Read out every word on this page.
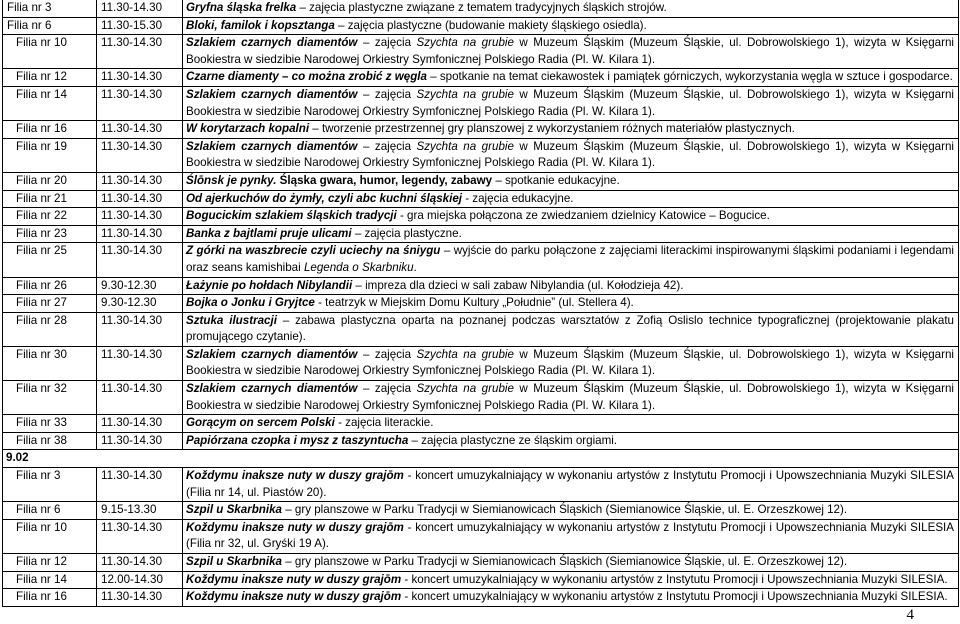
Filia nr 3	11.30-14.30	Gryfna śląska frelka – zajęcia plastyczne związane z tematem tradycyjnych śląskich strojów.
Filia nr 6	11.30-15.30	Bloki, familok i kopsztanga – zajęcia plastyczne (budowanie makiety śląskiego osiedla).
Filia nr 10	11.30-14.30	Szlakiem czarnych diamentów – zajęcia Szychta na grubie w Muzeum Śląskim (Muzeum Śląskie, ul. Dobrowolskiego 1), wizyta w Księgarni Bookiestra w siedzibie Narodowej Orkiestry Symfonicznej Polskiego Radia (Pl. W. Kilara 1).
Filia nr 12	11.30-14.30	Czarne diamenty – co można zrobić z węgla – spotkanie na temat ciekawostek i pamiątek górniczych, wykorzystania węgla w sztuce i gospodarce.
Filia nr 14	11.30-14.30	Szlakiem czarnych diamentów – zajęcia Szychta na grubie w Muzeum Śląskim (Muzeum Śląskie, ul. Dobrowolskiego 1), wizyta w Księgarni Bookiestra w siedzibie Narodowej Orkiestry Symfonicznej Polskiego Radia (Pl. W. Kilara 1).
Filia nr 16	11.30-14.30	W korytarzach kopalni – tworzenie przestrzennej gry planszowej z wykorzystaniem różnych materiałów plastycznych.
Filia nr 19	11.30-14.30	Szlakiem czarnych diamentów – zajęcia Szychta na grubie w Muzeum Śląskim (Muzeum Śląskie, ul. Dobrowolskiego 1), wizyta w Księgarni Bookiestra w siedzibie Narodowej Orkiestry Symfonicznej Polskiego Radia (Pl. W. Kilara 1).
Filia nr 20	11.30-14.30	Ślōnsk je pynky. Śląska gwara, humor, legendy, zabawy – spotkanie edukacyjne.
Filia nr 21	11.30-14.30	Od ajerkuchów do żymły, czyli abc kuchni śląskiej - zajęcia edukacyjne.
Filia nr 22	11.30-14.30	Bogucickim szlakiem śląskich tradycji - gra miejska połączona ze zwiedzaniem dzielnicy Katowice – Bogucice.
Filia nr 23	11.30-14.30	Banka z bajtlami pruje ulicami – zajęcia plastyczne.
Filia nr 25	11.30-14.30	Z górki na waszbrecie czyli uciechy na śniygu – wyjście do parku połączone z zajęciami literackimi inspirowanymi śląskimi podaniami i legendami oraz seans kamishibai Legenda o Skarbniku.
Filia nr 26	9.30-12.30	Łażynie po hołdach Nibylandii – impreza dla dzieci w sali zabaw Nibylandia (ul. Kołodzieja 42).
Filia nr 27	9.30-12.30	Bojka o Jonku i Gryjtce - teatrzyk w Miejskim Domu Kultury „Południe” (ul. Stellera 4).
Filia nr 28	11.30-14.30	Sztuka ilustracji – zabawa plastyczna oparta na poznanej podczas warsztatów z Zofią Oslislo technice typograficznej (projektowanie plakatu promującego czytanie).
Filia nr 30	11.30-14.30	Szlakiem czarnych diamentów – zajęcia Szychta na grubie w Muzeum Śląskim (Muzeum Śląskie, ul. Dobrowolskiego 1), wizyta w Księgarni Bookiestra w siedzibie Narodowej Orkiestry Symfonicznej Polskiego Radia (Pl. W. Kilara 1).
Filia nr 32	11.30-14.30	Szlakiem czarnych diamentów – zajęcia Szychta na grubie w Muzeum Śląskim (Muzeum Śląskie, ul. Dobrowolskiego 1), wizyta w Księgarni Bookiestra w siedzibie Narodowej Orkiestry Symfonicznej Polskiego Radia (Pl. W. Kilara 1).
Filia nr 33	11.30-14.30	Gorącym on sercem Polski - zajęcia literackie.
Filia nr 38	11.30-14.30	Papiórzana czopka i mysz z taszyntucha – zajęcia plastyczne ze śląskim orgiami.
9.02		
Filia nr 3	11.30-14.30	Koždymu inaksze nuty w duszy grajōm - koncert umuzykalniający w wykonaniu artystów z Instytutu Promocji i Upowszechniania Muzyki SILESIA (Filia nr 14, ul. Piastów 20).
Filia nr 6	9.15-13.30	Szpil u Skarbnika – gry planszowe w Parku Tradycji w Siemianowicach Śląskich (Siemianowice Śląskie, ul. E. Orzeszkowej 12).
Filia nr 10	11.30-14.30	Koždymu inaksze nuty w duszy grajōm - koncert umuzykalniający w wykonaniu artystów z Instytutu Promocji i Upowszechniania Muzyki SILESIA (Filia nr 32, ul. Gryśki 19 A).
Filia nr 12	11.30-14.30	Szpil u Skarbnika – gry planszowe w Parku Tradycji w Siemianowicach Śląskich (Siemianowice Śląskie, ul. E. Orzeszkowej 12).
Filia nr 14	12.00-14.30	Koždymu inaksze nuty w duszy grajōm - koncert umuzykalniający w wykonaniu artystów z Instytutu Promocji i Upowszechniania Muzyki SILESIA.
Filia nr 16	11.30-14.30	Koždymu inaksze nuty w duszy grajōm - koncert umuzykalniający w wykonaniu artystów z Instytutu Promocji i Upowszechniania Muzyki SILESIA.
4
